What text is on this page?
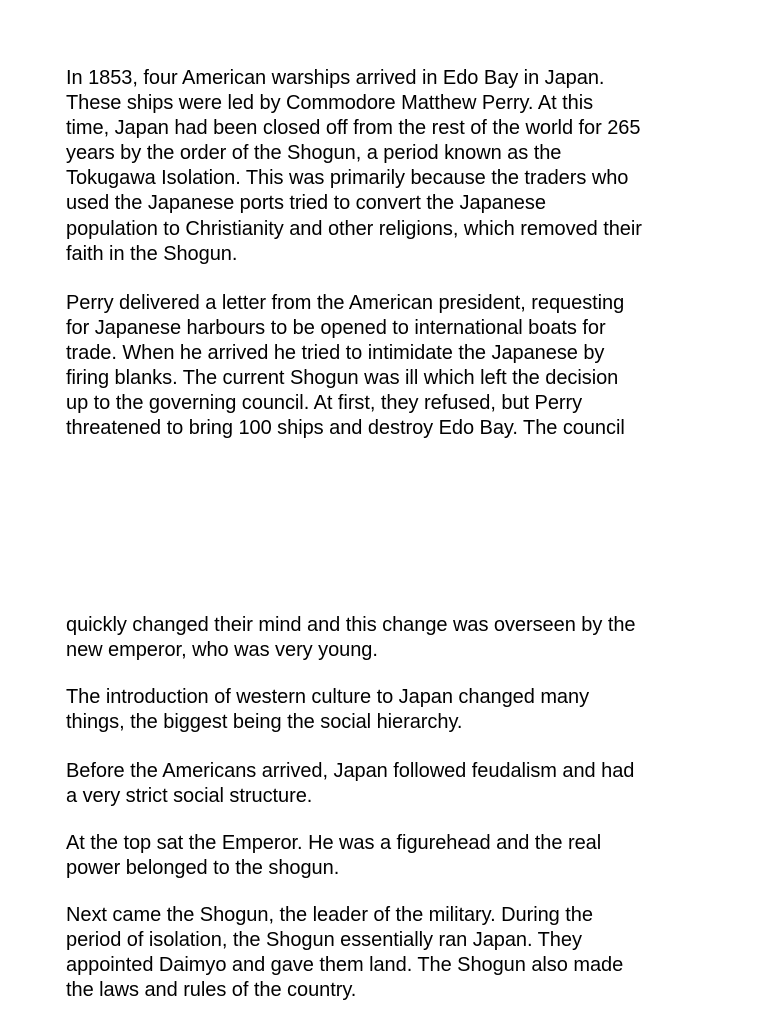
In 1853, four American warships arrived in Edo Bay in Japan.
These ships were led by Commodore Matthew Perry. At this
time, Japan had been closed off from the rest of the world for 265
years by the order of the Shogun, a period known as the
Tokugawa Isolation. This was primarily because the traders who
used the Japanese ports tried to convert the Japanese
population to Christianity and other religions, which removed their
faith in the Shogun.

Perry delivered a letter from the American president, requesting
for Japanese harbours to be opened to international boats for
trade. When he arrived he tried to intimidate the Japanese by
firing blanks. The current Shogun was ill which left the decision
up to the governing council. At first, they refused, but Perry
threatened to bring 100 ships and destroy Edo Bay. The council

quickly changed their mind and this change was overseen by the
new emperor, who was very young.

The introduction of western culture to Japan changed many
things, the biggest being the social hierarchy.

Before the Americans arrived, Japan followed feudalism and had
a very strict social structure.

At the top sat the Emperor. He was a figurehead and the real
power belonged to the shogun.

Next came the Shogun, the leader of the military. During the
period of isolation, the Shogun essentially ran Japan. They
appointed Daimyo and gave them land. The Shogun also made
the laws and rules of the country.
